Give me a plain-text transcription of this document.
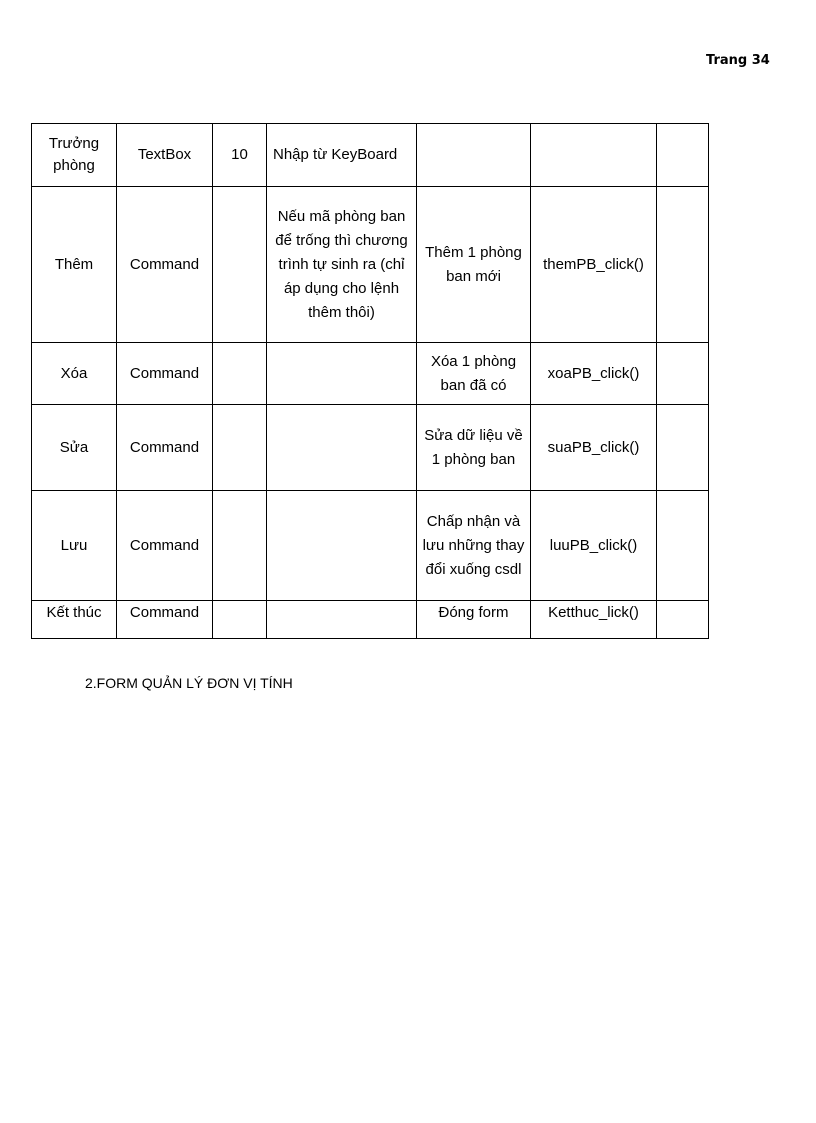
Trang 34
Trưởng phòng	TextBox	10	Nhập từ KeyBoard			
Thêm	Command		Nếu mã phòng ban để trống thì chương trình tự sinh ra (chỉ áp dụng cho lệnh thêm thôi)	Thêm 1 phòng ban mới	themPB_click()	
Xóa	Command			Xóa 1 phòng ban đã có	xoaPB_click()	
Sửa	Command			Sửa dữ liệu về 1 phòng ban	suaPB_click()	
Lưu	Command			Chấp nhận và lưu những thay đổi xuống csdl	luuPB_click()	
Kết thúc	Command			Đóng form	Ketthuc_lick()	
2.FORM QUẢN LÝ ĐƠN VỊ TÍNH
